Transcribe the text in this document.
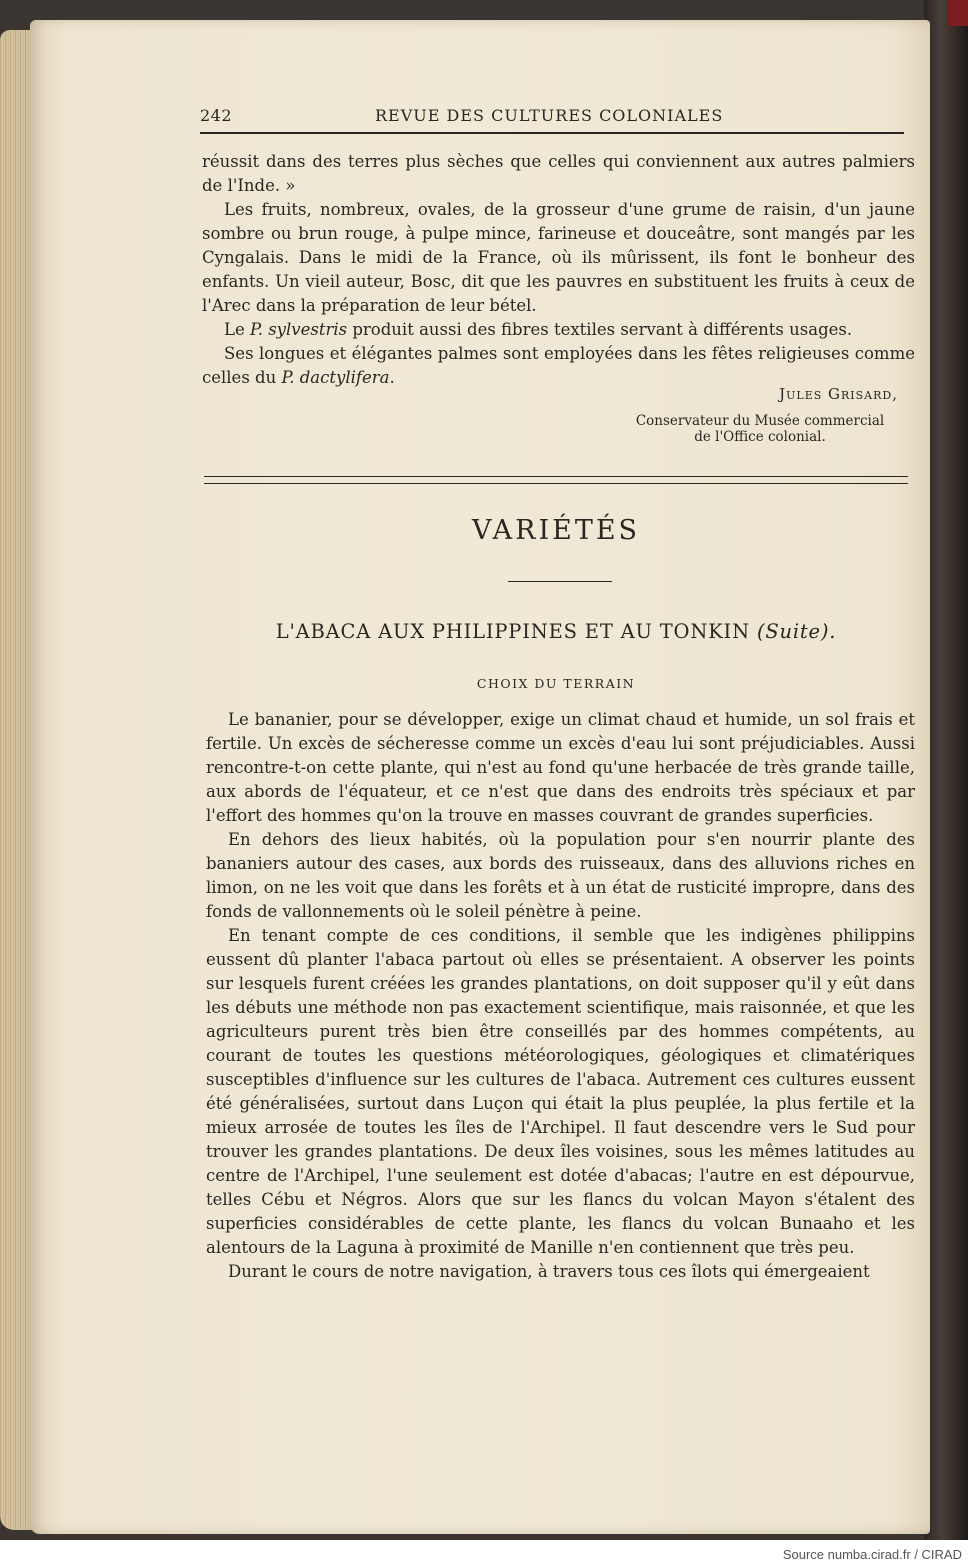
242	REVUE DES CULTURES COLONIALES

réussit dans des terres plus sèches que celles qui conviennent aux autres palmiers de l'Inde. »

Les fruits, nombreux, ovales, de la grosseur d'une grume de raisin, d'un jaune sombre ou brun rouge, à pulpe mince, farineuse et douceâtre, sont mangés par les Cyngalais. Dans le midi de la France, où ils mûrissent, ils font le bonheur des enfants. Un vieil auteur, Bosc, dit que les pauvres en substituent les fruits à ceux de l'Arec dans la préparation de leur bétel.

Le P. sylvestris produit aussi des fibres textiles servant à différents usages.

Ses longues et élégantes palmes sont employées dans les fêtes religieuses comme celles du P. dactylifera.

Jules Grisard,
Conservateur du Musée commercial
de l'Office colonial.
VARIÉTÉS
L'ABACA AUX PHILIPPINES ET AU TONKIN (Suite).
CHOIX DU TERRAIN

Le bananier, pour se développer, exige un climat chaud et humide, un sol frais et fertile. Un excès de sécheresse comme un excès d'eau lui sont préjudiciables. Aussi rencontre-t-on cette plante, qui n'est au fond qu'une herbacée de très grande taille, aux abords de l'équateur, et ce n'est que dans des endroits très spéciaux et par l'effort des hommes qu'on la trouve en masses couvrant de grandes superficies.

En dehors des lieux habités, où la population pour s'en nourrir plante des bananiers autour des cases, aux bords des ruisseaux, dans des alluvions riches en limon, on ne les voit que dans les forêts et à un état de rusticité impropre, dans des fonds de vallonnements où le soleil pénètre à peine.

En tenant compte de ces conditions, il semble que les indigènes philippins eussent dû planter l'abaca partout où elles se présentaient. A observer les points sur lesquels furent créées les grandes plantations, on doit supposer qu'il y eût dans les débuts une méthode non pas exactement scientifique, mais raisonnée, et que les agriculteurs purent très bien être conseillés par des hommes compétents, au courant de toutes les questions météorologiques, géologiques et climatériques susceptibles d'influence sur les cultures de l'abaca. Autrement ces cultures eussent été généralisées, surtout dans Luçon qui était la plus peuplée, la plus fertile et la mieux arrosée de toutes les îles de l'Archipel. Il faut descendre vers le Sud pour trouver les grandes plantations. De deux îles voisines, sous les mêmes latitudes au centre de l'Archipel, l'une seulement est dotée d'abacas; l'autre en est dépourvue, telles Cébu et Négros. Alors que sur les flancs du volcan Mayon s'étalent des superficies considérables de cette plante, les flancs du volcan Bunaaho et les alentours de la Laguna à proximité de Manille n'en contiennent que très peu.

Durant le cours de notre navigation, à travers tous ces îlots qui émergeaient

Source numba.cirad.fr / CIRAD
